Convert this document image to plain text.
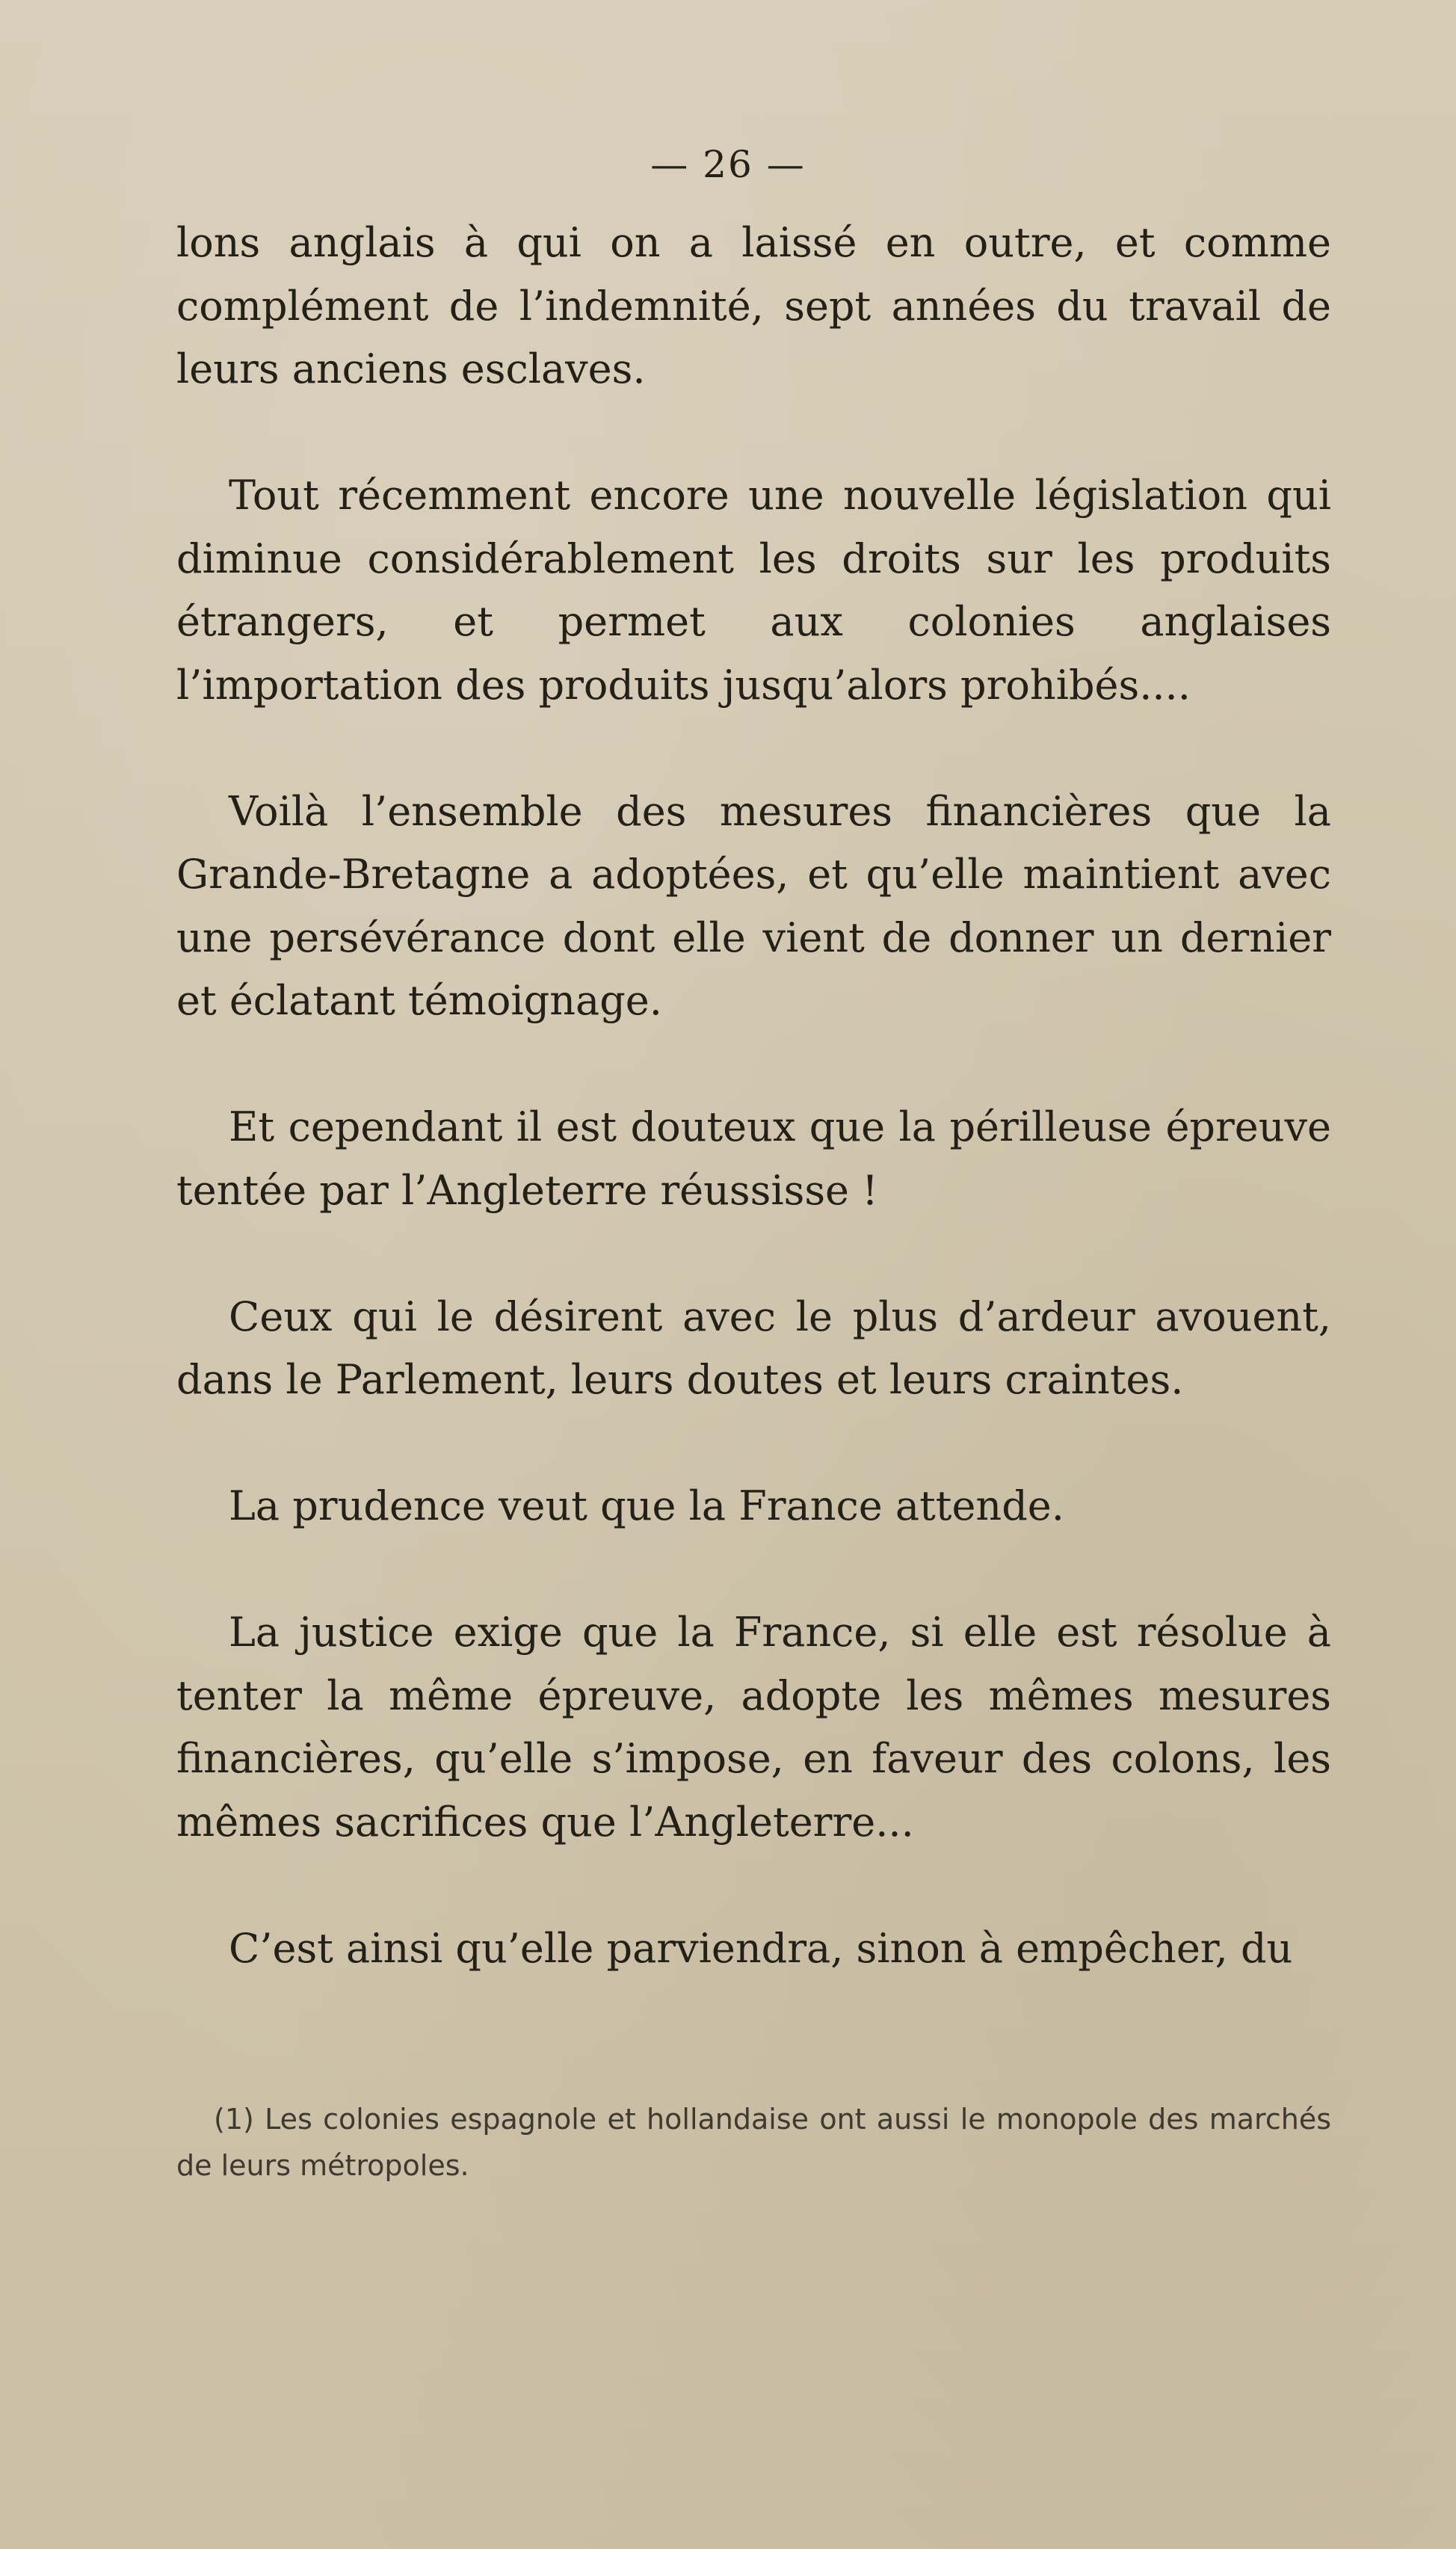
— 26 —

lons anglais à qui on a laissé en outre, et comme complément de l’indemnité, sept années du travail de leurs anciens esclaves.

Tout récemment encore une nouvelle législation qui diminue considérablement les droits sur les produits étrangers, et permet aux colonies anglaises l’importation des produits jusqu’alors prohibés....

Voilà l’ensemble des mesures financières que la Grande-Bretagne a adoptées, et qu’elle maintient avec une persévérance dont elle vient de donner un dernier et éclatant témoignage.

Et cependant il est douteux que la périlleuse épreuve tentée par l’Angleterre réussisse !

Ceux qui le désirent avec le plus d’ardeur avouent, dans le Parlement, leurs doutes et leurs craintes.

La prudence veut que la France attende.

La justice exige que la France, si elle est résolue à tenter la même épreuve, adopte les mêmes mesures financières, qu’elle s’impose, en faveur des colons, les mêmes sacrifices que l’Angleterre...

C’est ainsi qu’elle parviendra, sinon à empêcher, du

(1) Les colonies espagnole et hollandaise ont aussi le monopole des marchés de leurs métropoles.
